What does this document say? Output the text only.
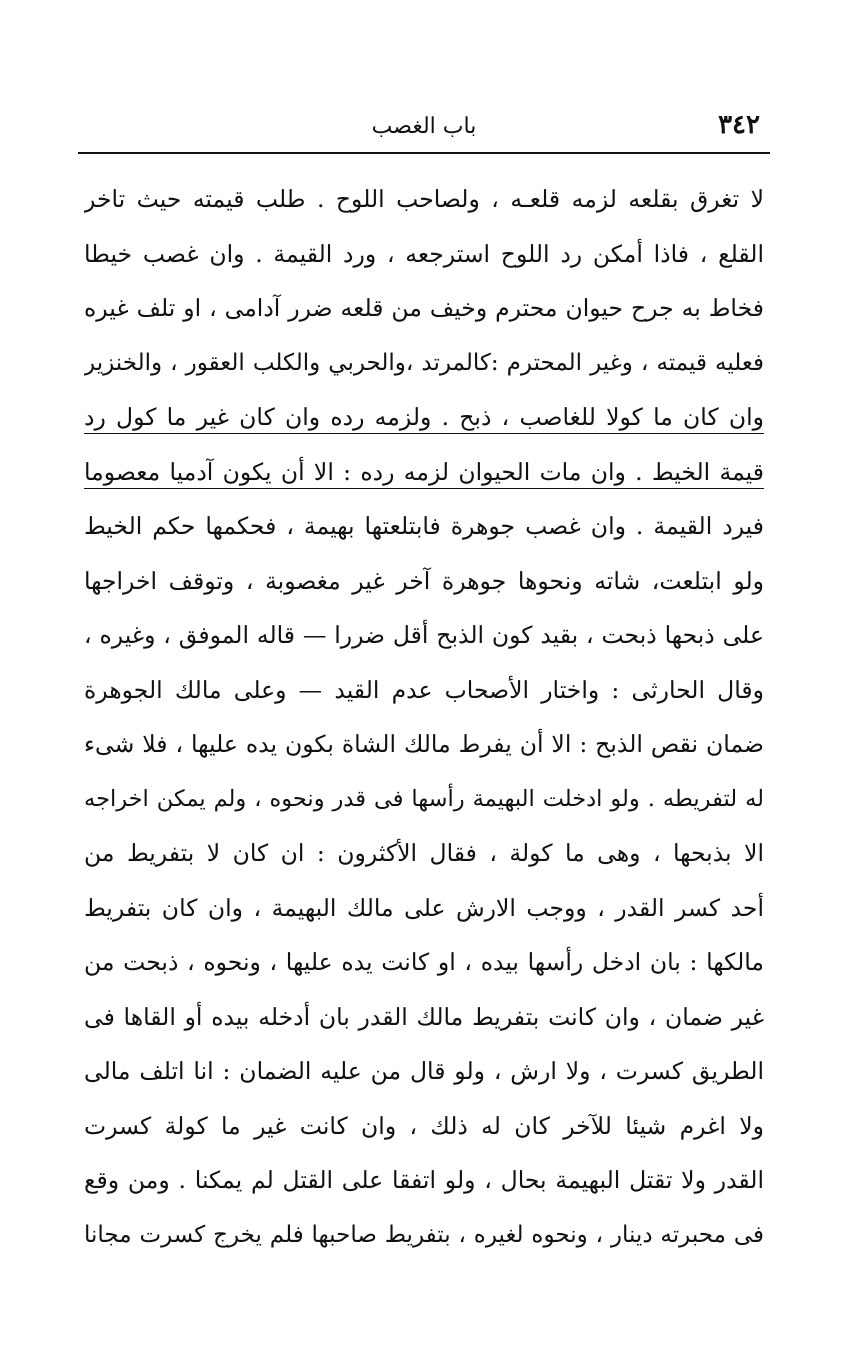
٣٤٢
باب الغصب
لا تغرق بقلعه لزمه قلعـه ، ولصاحب اللوح . طلب قيمته حيث تاخر
القلع ، فاذا أمكن رد اللوح استرجعه ، ورد القيمة . وان غصب خيطا
فخاط به جرح حيوان محترم وخيف من قلعه ضرر آدامى ، او تلف غيره
فعليه قيمته ، وغير المحترم :كالمرتد ،والحربي والكلب العقور ، والخنزير
وان كان ما كولا للغاصب ، ذبح . ولزمه رده وان كان غير ما كول رد
قيمة الخيط . وان مات الحيوان لزمه رده : الا أن يكون آدميا معصوما
فيرد القيمة . وان غصب جوهرة فابتلعتها بهيمة ، فحكمها حكم الخيط
ولو ابتلعت، شاته ونحوها جوهرة آخر غير مغصوبة ، وتوقف اخراجها
على ذبحها ذبحت ، بقيد كون الذبح أقل ضررا — قاله الموفق ، وغيره ،
وقال الحارثى : واختار الأصحاب عدم القيد — وعلى مالك الجوهرة
ضمان نقص الذبح : الا أن يفرط مالك الشاة بكون يده عليها ، فلا شىء
له لتفريطه . ولو ادخلت البهيمة رأسها فى قدر ونحوه ، ولم يمكن اخراجه
الا بذبحها ، وهى ما كولة ، فقال الأكثرون : ان كان لا بتفريط من
أحد كسر القدر ، ووجب الارش على مالك البهيمة ، وان كان بتفريط
مالكها : بان ادخل رأسها بيده ، او كانت يده عليها ، ونحوه ، ذبحت من
غير ضمان ، وان كانت بتفريط مالك القدر بان أدخله بيده أو القاها فى
الطريق كسرت ، ولا ارش ، ولو قال من عليه الضمان : انا اتلف مالى
ولا اغرم شيئا للآخر كان له ذلك ، وان كانت غير ما كولة كسرت
القدر ولا تقتل البهيمة بحال ، ولو اتفقا على القتل لم يمكنا . ومن وقع
فى محبرته دينار ، ونحوه لغيره ، بتفريط صاحبها فلم يخرج كسرت مجانا
